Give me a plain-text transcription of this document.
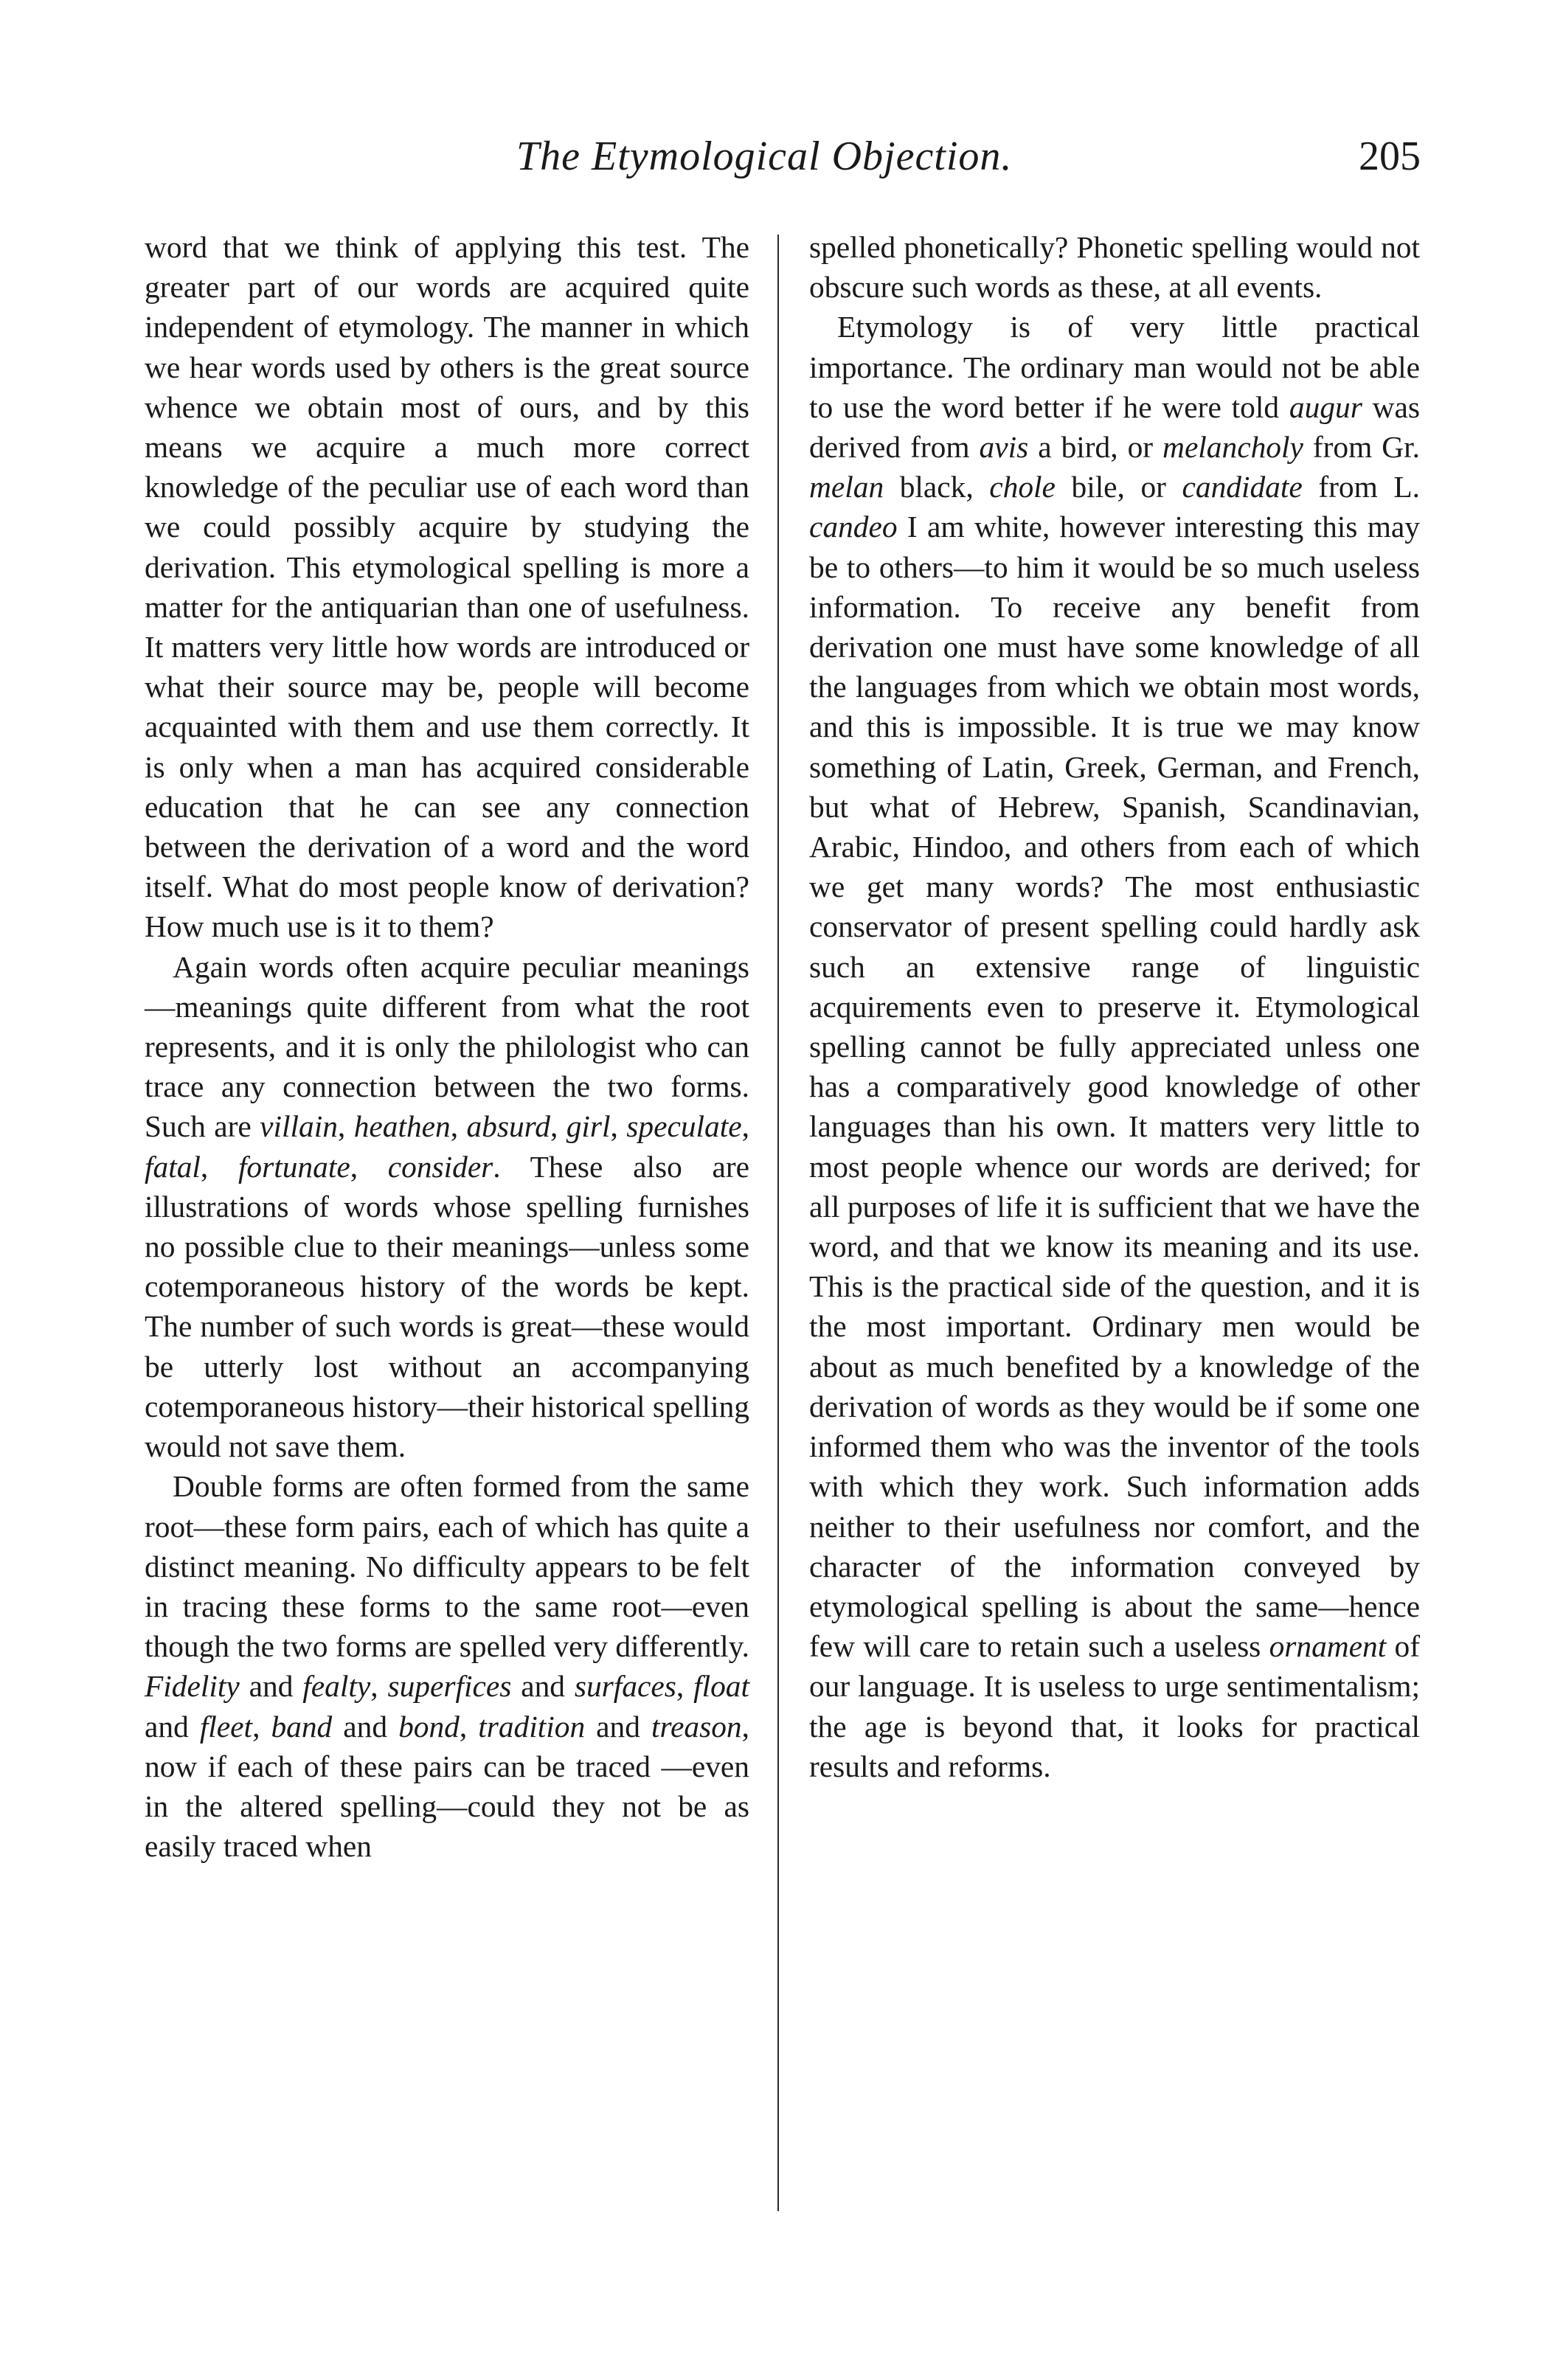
The Etymological Objection.	205

word that we think of applying this test. The greater part of our words are acquired quite independent of etymology. The manner in which we hear words used by others is the great source whence we obtain most of ours, and by this means we acquire a much more correct knowledge of the peculiar use of each word than we could possibly acquire by studying the derivation. This etymological spelling is more a matter for the antiquarian than one of usefulness. It matters very little how words are introduced or what their source may be, people will become acquainted with them and use them correctly. It is only when a man has acquired considerable education that he can see any connection between the derivation of a word and the word itself. What do most people know of derivation? How much use is it to them?

Again words often acquire peculiar meanings—meanings quite different from what the root represents, and it is only the philologist who can trace any connection between the two forms. Such are villain, heathen, absurd, girl, speculate, fatal, fortunate, consider. These also are illustrations of words whose spelling furnishes no possible clue to their meanings—unless some cotemporaneous history of the words be kept. The number of such words is great—these would be utterly lost without an accompanying cotemporaneous history—their historical spelling would not save them.

Double forms are often formed from the same root—these form pairs, each of which has quite a distinct meaning. No difficulty appears to be felt in tracing these forms to the same root—even though the two forms are spelled very differently. Fidelity and fealty, superfices and surfaces, float and fleet, band and bond, tradition and treason, now if each of these pairs can be traced —even in the altered spelling—could they not be as easily traced when

spelled phonetically? Phonetic spelling would not obscure such words as these, at all events.

Etymology is of very little practical importance. The ordinary man would not be able to use the word better if he were told augur was derived from avis a bird, or melancholy from Gr. melan black, chole bile, or candidate from L. candeo I am white, however interesting this may be to others—to him it would be so much useless information. To receive any benefit from derivation one must have some knowledge of all the languages from which we obtain most words, and this is impossible. It is true we may know something of Latin, Greek, German, and French, but what of Hebrew, Spanish, Scandinavian, Arabic, Hindoo, and others from each of which we get many words? The most enthusiastic conservator of present spelling could hardly ask such an extensive range of linguistic acquirements even to preserve it. Etymological spelling cannot be fully appreciated unless one has a comparatively good knowledge of other languages than his own. It matters very little to most people whence our words are derived; for all purposes of life it is sufficient that we have the word, and that we know its meaning and its use. This is the practical side of the question, and it is the most important. Ordinary men would be about as much benefited by a knowledge of the derivation of words as they would be if some one informed them who was the inventor of the tools with which they work. Such information adds neither to their usefulness nor comfort, and the character of the information conveyed by etymological spelling is about the same—hence few will care to retain such a useless ornament of our language. It is useless to urge sentimentalism; the age is beyond that, it looks for practical results and reforms.
